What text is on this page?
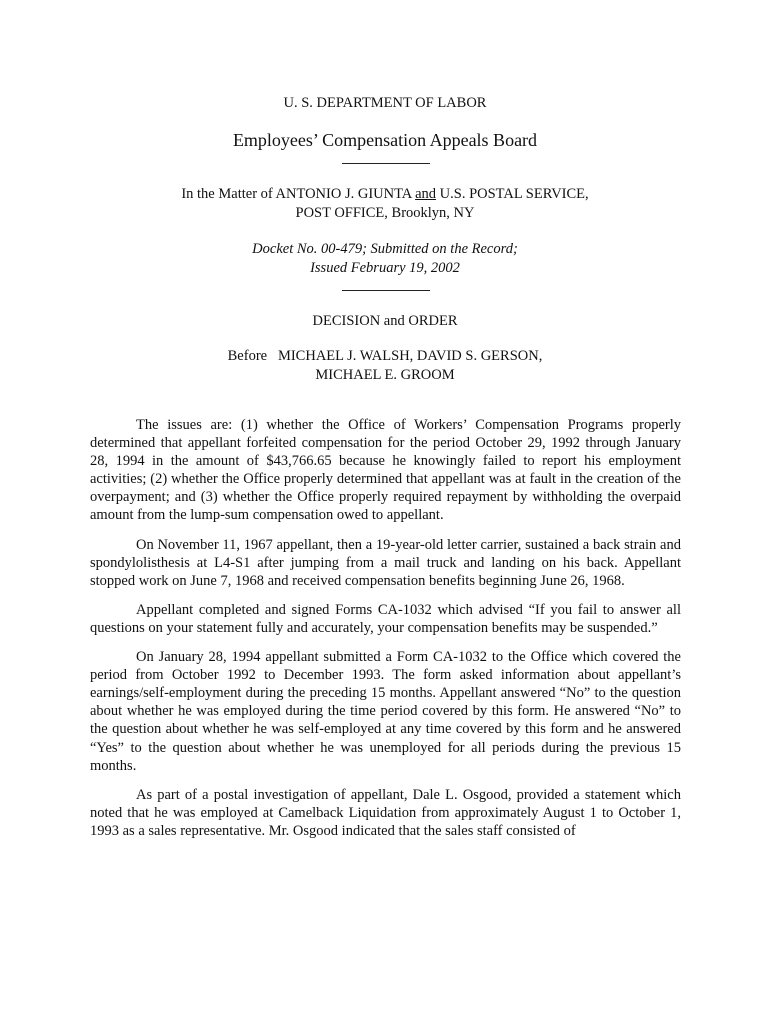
U. S. DEPARTMENT OF LABOR
Employees’ Compensation Appeals Board
In the Matter of ANTONIO J. GIUNTA and U.S. POSTAL SERVICE,
POST OFFICE, Brooklyn, NY
Docket No. 00-479; Submitted on the Record;
Issued February 19, 2002
DECISION and ORDER
Before   MICHAEL J. WALSH, DAVID S. GERSON,
MICHAEL E. GROOM

The issues are: (1) whether the Office of Workers’ Compensation Programs properly determined that appellant forfeited compensation for the period October 29, 1992 through January 28, 1994 in the amount of $43,766.65 because he knowingly failed to report his employment activities; (2) whether the Office properly determined that appellant was at fault in the creation of the overpayment; and (3) whether the Office properly required repayment by withholding the overpaid amount from the lump-sum compensation owed to appellant.

On November 11, 1967 appellant, then a 19-year-old letter carrier, sustained a back strain and spondylolisthesis at L4-S1 after jumping from a mail truck and landing on his back. Appellant stopped work on June 7, 1968 and received compensation benefits beginning June 26, 1968.

Appellant completed and signed Forms CA-1032 which advised “If you fail to answer all questions on your statement fully and accurately, your compensation benefits may be suspended.”

On January 28, 1994 appellant submitted a Form CA-1032 to the Office which covered the period from October 1992 to December 1993. The form asked information about appellant’s earnings/self-employment during the preceding 15 months. Appellant answered “No” to the question about whether he was employed during the time period covered by this form. He answered “No” to the question about whether he was self-employed at any time covered by this form and he answered “Yes” to the question about whether he was unemployed for all periods during the previous 15 months.

As part of a postal investigation of appellant, Dale L. Osgood, provided a statement which noted that he was employed at Camelback Liquidation from approximately August 1 to October 1, 1993 as a sales representative. Mr. Osgood indicated that the sales staff consisted of
